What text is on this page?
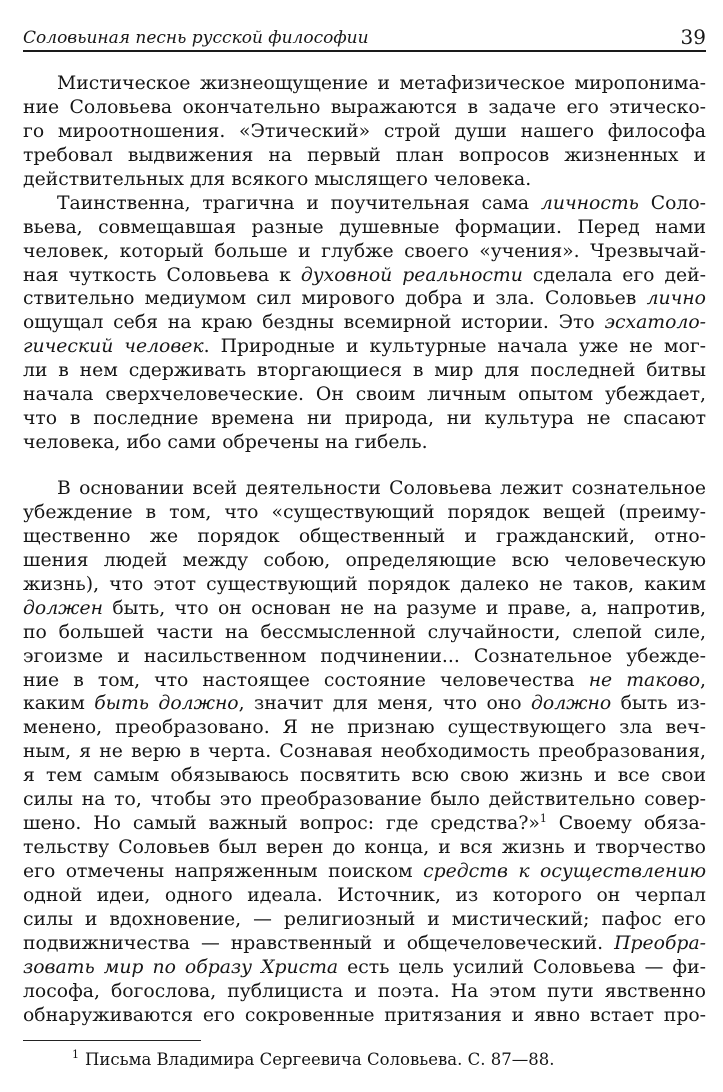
Соловьиная песнь русской философии	39
Мистическое жизнеощущение и метафизическое миропонима-
ние Соловьева окончательно выражаются в задаче его этическо-
го мироотношения. «Этический» строй души нашего философа
требовал выдвижения на первый план вопросов жизненных и
действительных для всякого мыслящего человека.
Таинственна, трагична и поучительная сама личность Соло-
вьева, совмещавшая разные душевные формации. Перед нами
человек, который больше и глубже своего «учения». Чрезвычай-
ная чуткость Соловьева к духовной реальности сделала его дей-
ствительно медиумом сил мирового добра и зла. Соловьев лично
ощущал себя на краю бездны всемирной истории. Это эсхатоло-
гический человек. Природные и культурные начала уже не мог-
ли в нем сдерживать вторгающиеся в мир для последней битвы
начала сверхчеловеческие. Он своим личным опытом убеждает,
что в последние времена ни природа, ни культура не спасают
человека, ибо сами обречены на гибель.
В основании всей деятельности Соловьева лежит сознательное
убеждение в том, что «существующий порядок вещей (преиму-
щественно же порядок общественный и гражданский, отно-
шения людей между собою, определяющие всю человеческую
жизнь), что этот существующий порядок далеко не таков, каким
должен быть, что он основан не на разуме и праве, а, напротив,
по большей части на бессмысленной случайности, слепой силе,
эгоизме и насильственном подчинении... Сознательное убежде-
ние в том, что настоящее состояние человечества не таково,
каким быть должно, значит для меня, что оно должно быть из-
менено, преобразовано. Я не признаю существующего зла веч-
ным, я не верю в черта. Сознавая необходимость преобразования,
я тем самым обязываюсь посвятить всю свою жизнь и все свои
силы на то, чтобы это преобразование было действительно совер-
шено. Но самый важный вопрос: где средства?»$^1$ Своему обяза-
тельству Соловьев был верен до конца, и вся жизнь и творчество
его отмечены напряженным поиском средств к осуществлению
одной идеи, одного идеала. Источник, из которого он черпал
силы и вдохновение, — религиозный и мистический; пафос его
подвижничества — нравственный и общечеловеческий. Преобра-
зовать мир по образу Христа есть цель усилий Соловьева — фи-
лософа, богослова, публициста и поэта. На этом пути явственно
обнаруживаются его сокровенные притязания и явно встает про-
$^1$ Письма Владимира Сергеевича Соловьева. С. 87—88.
